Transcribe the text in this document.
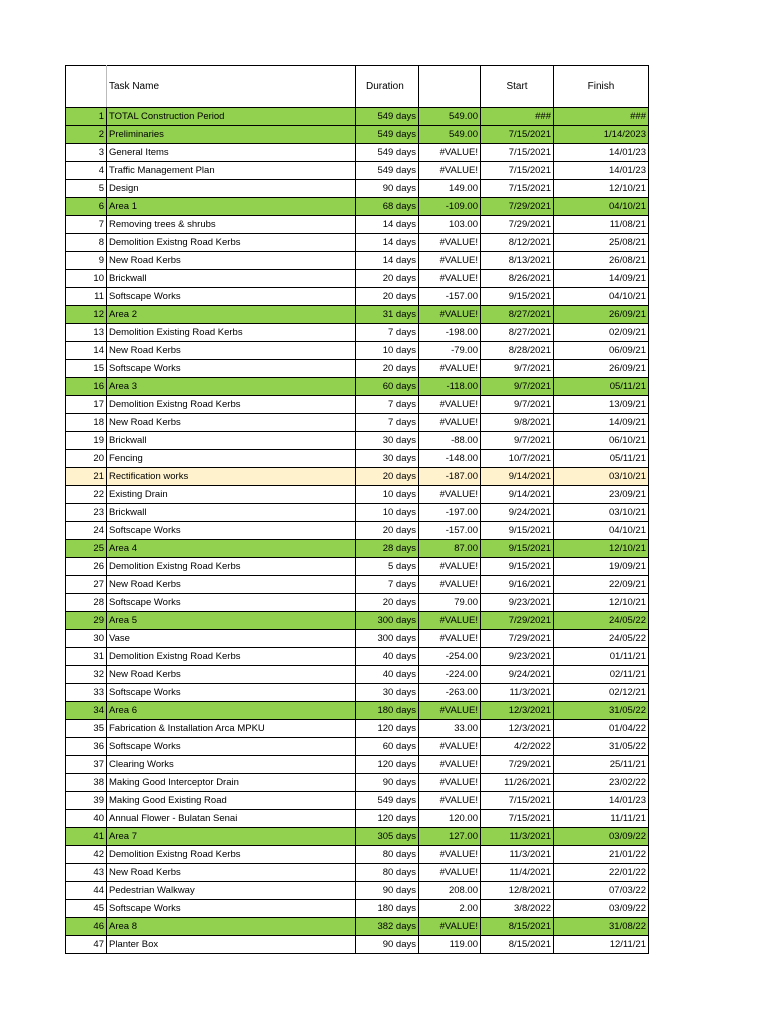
	Task Name	Duration		Start	Finish
1	TOTAL Construction Period	549 days	549.00	###	###
2	Preliminaries	549 days	549.00	7/15/2021	1/14/2023
3	General Items	549 days	#VALUE!	7/15/2021	14/01/23
4	Traffic Management Plan	549 days	#VALUE!	7/15/2021	14/01/23
5	Design	90 days	149.00	7/15/2021	12/10/21
6	Area 1	68 days	-109.00	7/29/2021	04/10/21
7	Removing trees & shrubs	14 days	103.00	7/29/2021	11/08/21
8	Demolition Existng Road Kerbs	14 days	#VALUE!	8/12/2021	25/08/21
9	New Road Kerbs	14 days	#VALUE!	8/13/2021	26/08/21
10	Brickwall	20 days	#VALUE!	8/26/2021	14/09/21
11	Softscape Works	20 days	-157.00	9/15/2021	04/10/21
12	Area 2	31 days	#VALUE!	8/27/2021	26/09/21
13	Demolition Existing Road Kerbs	7 days	-198.00	8/27/2021	02/09/21
14	New Road Kerbs	10 days	-79.00	8/28/2021	06/09/21
15	Softscape Works	20 days	#VALUE!	9/7/2021	26/09/21
16	Area 3	60 days	-118.00	9/7/2021	05/11/21
17	Demolition Existng Road Kerbs	7 days	#VALUE!	9/7/2021	13/09/21
18	New Road Kerbs	7 days	#VALUE!	9/8/2021	14/09/21
19	Brickwall	30 days	-88.00	9/7/2021	06/10/21
20	Fencing	30 days	-148.00	10/7/2021	05/11/21
21	Rectification works	20 days	-187.00	9/14/2021	03/10/21
22	Existing Drain	10 days	#VALUE!	9/14/2021	23/09/21
23	Brickwall	10 days	-197.00	9/24/2021	03/10/21
24	Softscape Works	20 days	-157.00	9/15/2021	04/10/21
25	Area 4	28 days	87.00	9/15/2021	12/10/21
26	Demolition Existng Road Kerbs	5 days	#VALUE!	9/15/2021	19/09/21
27	New Road Kerbs	7 days	#VALUE!	9/16/2021	22/09/21
28	Softscape Works	20 days	79.00	9/23/2021	12/10/21
29	Area 5	300 days	#VALUE!	7/29/2021	24/05/22
30	Vase	300 days	#VALUE!	7/29/2021	24/05/22
31	Demolition Existng Road Kerbs	40 days	-254.00	9/23/2021	01/11/21
32	New Road Kerbs	40 days	-224.00	9/24/2021	02/11/21
33	Softscape Works	30 days	-263.00	11/3/2021	02/12/21
34	Area 6	180 days	#VALUE!	12/3/2021	31/05/22
35	Fabrication & Installation Arca MPKU	120 days	33.00	12/3/2021	01/04/22
36	Softscape Works	60 days	#VALUE!	4/2/2022	31/05/22
37	Clearing Works	120 days	#VALUE!	7/29/2021	25/11/21
38	Making Good Interceptor Drain	90 days	#VALUE!	11/26/2021	23/02/22
39	Making Good Existing Road	549 days	#VALUE!	7/15/2021	14/01/23
40	Annual Flower - Bulatan Senai	120 days	120.00	7/15/2021	11/11/21
41	Area 7	305 days	127.00	11/3/2021	03/09/22
42	Demolition Existng Road Kerbs	80 days	#VALUE!	11/3/2021	21/01/22
43	New Road Kerbs	80 days	#VALUE!	11/4/2021	22/01/22
44	Pedestrian Walkway	90 days	208.00	12/8/2021	07/03/22
45	Softscape Works	180 days	2.00	3/8/2022	03/09/22
46	Area 8	382 days	#VALUE!	8/15/2021	31/08/22
47	Planter Box	90 days	119.00	8/15/2021	12/11/21
